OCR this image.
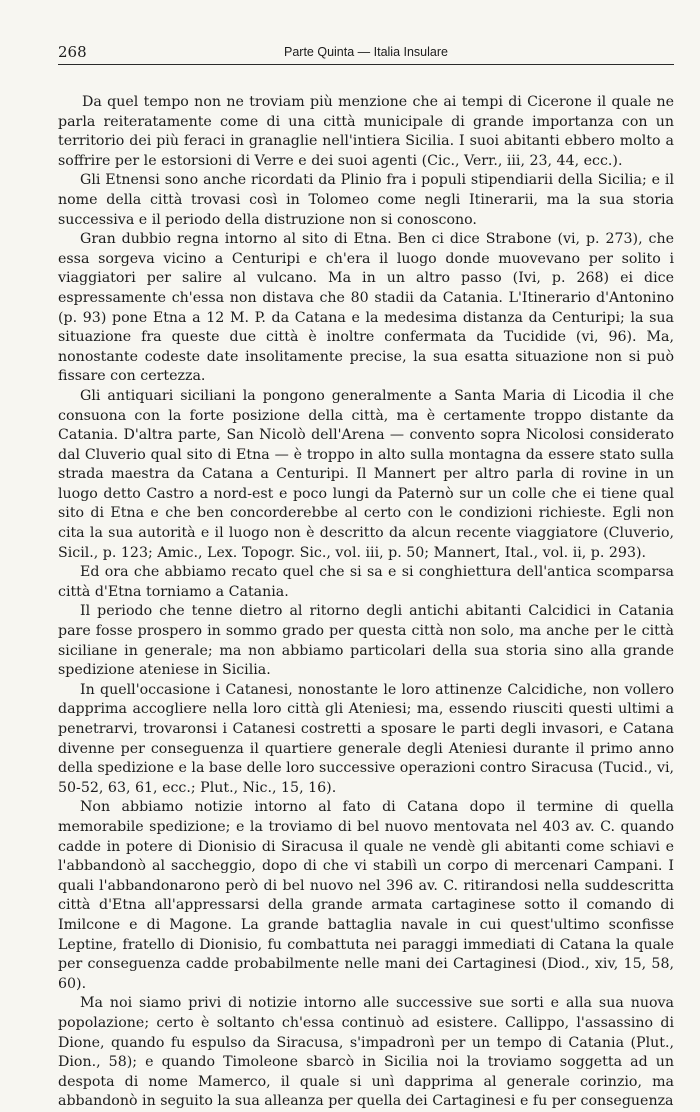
268	Parte Quinta — Italia Insulare

Da quel tempo non ne troviam più menzione che ai tempi di Cicerone il quale ne parla reiteratamente come di una città municipale di grande importanza con un territorio dei più feraci in granaglie nell'intiera Sicilia. I suoi abitanti ebbero molto a soffrire per le estorsioni di Verre e dei suoi agenti (Cic., Verr., iii, 23, 44, ecc.).

Gli Etnensi sono anche ricordati da Plinio fra i populi stipendiarii della Sicilia; e il nome della città trovasi così in Tolomeo come negli Itinerarii, ma la sua storia successiva e il periodo della distruzione non si conoscono.

Gran dubbio regna intorno al sito di Etna. Ben ci dice Strabone (vi, p. 273), che essa sorgeva vicino a Centuripi e ch'era il luogo donde muovevano per solito i viaggiatori per salire al vulcano. Ma in un altro passo (Ivi, p. 268) ei dice espressamente ch'essa non distava che 80 stadii da Catania. L'Itinerario d'Antonino (p. 93) pone Etna a 12 M. P. da Catana e la medesima distanza da Centuripi; la sua situazione fra queste due città è inoltre confermata da Tucidide (vi, 96). Ma, nonostante codeste date insolitamente precise, la sua esatta situazione non si può fissare con certezza.

Gli antiquari siciliani la pongono generalmente a Santa Maria di Licodia il che consuona con la forte posizione della città, ma è certamente troppo distante da Catania. D'altra parte, San Nicolò dell'Arena — convento sopra Nicolosi considerato dal Cluverio qual sito di Etna — è troppo in alto sulla montagna da essere stato sulla strada maestra da Catana a Centuripi. Il Mannert per altro parla di rovine in un luogo detto Castro a nord-est e poco lungi da Paternò sur un colle che ei tiene qual sito di Etna e che ben concorderebbe al certo con le condizioni richieste. Egli non cita la sua autorità e il luogo non è descritto da alcun recente viaggiatore (Cluverio, Sicil., p. 123; Amic., Lex. Topogr. Sic., vol. iii, p. 50; Mannert, Ital., vol. ii, p. 293).

Ed ora che abbiamo recato quel che si sa e si conghiettura dell'antica scomparsa città d'Etna torniamo a Catania.

Il periodo che tenne dietro al ritorno degli antichi abitanti Calcidici in Catania pare fosse prospero in sommo grado per questa città non solo, ma anche per le città siciliane in generale; ma non abbiamo particolari della sua storia sino alla grande spedizione ateniese in Sicilia.

In quell'occasione i Catanesi, nonostante le loro attinenze Calcidiche, non vollero dapprima accogliere nella loro città gli Ateniesi; ma, essendo riusciti questi ultimi a penetrarvi, trovaronsi i Catanesi costretti a sposare le parti degli invasori, e Catana divenne per conseguenza il quartiere generale degli Ateniesi durante il primo anno della spedizione e la base delle loro successive operazioni contro Siracusa (Tucid., vi, 50-52, 63, 61, ecc.; Plut., Nic., 15, 16).

Non abbiamo notizie intorno al fato di Catana dopo il termine di quella memorabile spedizione; e la troviamo di bel nuovo mentovata nel 403 av. C. quando cadde in potere di Dionisio di Siracusa il quale ne vendè gli abitanti come schiavi e l'abbandonò al saccheggio, dopo di che vi stabilì un corpo di mercenari Campani. I quali l'abbandonarono però di bel nuovo nel 396 av. C. ritirandosi nella suddescritta città d'Etna all'appressarsi della grande armata cartaginese sotto il comando di Imilcone e di Magone. La grande battaglia navale in cui quest'ultimo sconfisse Leptine, fratello di Dionisio, fu combattuta nei paraggi immediati di Catana la quale per conseguenza cadde probabilmente nelle mani dei Cartaginesi (Diod., xiv, 15, 58, 60).

Ma noi siamo privi di notizie intorno alle successive sue sorti e alla sua nuova popolazione; certo è soltanto ch'essa continuò ad esistere. Callippo, l'assassino di Dione, quando fu espulso da Siracusa, s'impadronì per un tempo di Catania (Plut., Dion., 58); e quando Timoleone sbarcò in Sicilia noi la troviamo soggetta ad un despota di nome Mamerco, il quale si unì dapprima al generale corinzio, ma abbandonò in seguito la sua alleanza per quella dei Cartaginesi e fu per conseguenza
